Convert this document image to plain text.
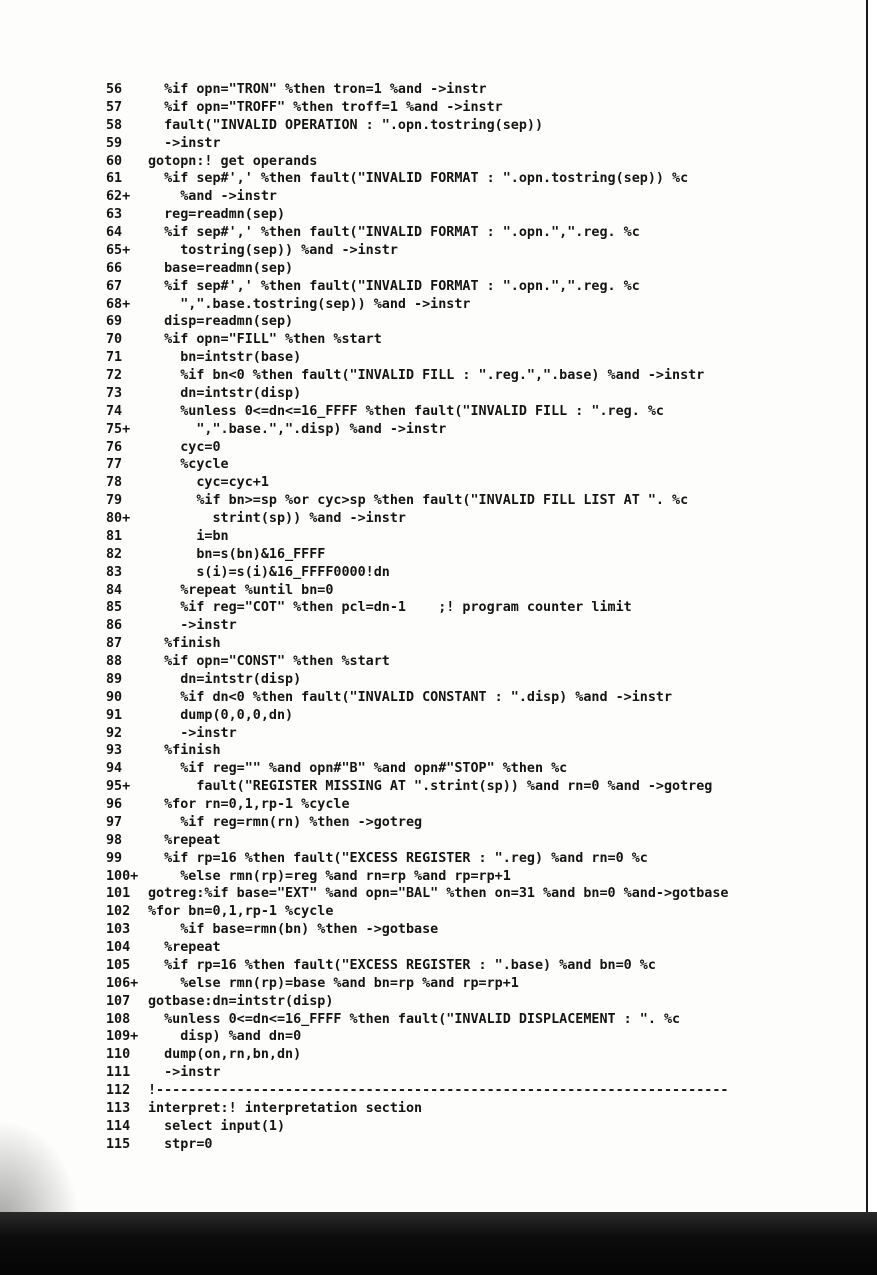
56	%if opn="TRON" %then tron=1 %and ->instr
57	%if opn="TROFF" %then troff=1 %and ->instr
58	fault("INVALID OPERATION : ".opn.tostring(sep))
59	->instr
60	gotopn:! get operands
61	%if sep#',' %then fault("INVALID FORMAT : ".opn.tostring(sep)) %c
62+	%and ->instr
63	reg=readmn(sep)
64	%if sep#',' %then fault("INVALID FORMAT : ".opn.",".reg. %c
65+	tostring(sep)) %and ->instr
66	base=readmn(sep)
67	%if sep#',' %then fault("INVALID FORMAT : ".opn.",".reg. %c
68+	",".base.tostring(sep)) %and ->instr
69	disp=readmn(sep)
70	%if opn="FILL" %then %start
71	bn=intstr(base)
72	%if bn<0 %then fault("INVALID FILL : ".reg.",".base) %and ->instr
73	dn=intstr(disp)
74	%unless 0<=dn<=16_FFFF %then fault("INVALID FILL : ".reg. %c
75+	",".base.",".disp) %and ->instr
76	cyc=0
77	%cycle
78	cyc=cyc+1
79	%if bn>=sp %or cyc>sp %then fault("INVALID FILL LIST AT ". %c
80+	strint(sp)) %and ->instr
81	i=bn
82	bn=s(bn)&16_FFFF
83	s(i)=s(i)&16_FFFF0000!dn
84	%repeat %until bn=0
85	%if reg="COT" %then pcl=dn-1    ;! program counter limit
86	->instr
87	%finish
88	%if opn="CONST" %then %start
89	dn=intstr(disp)
90	%if dn<0 %then fault("INVALID CONSTANT : ".disp) %and ->instr
91	dump(0,0,0,dn)
92	->instr
93	%finish
94	%if reg="" %and opn#"B" %and opn#"STOP" %then %c
95+	fault("REGISTER MISSING AT ".strint(sp)) %and rn=0 %and ->gotreg
96	%for rn=0,1,rp-1 %cycle
97	%if reg=rmn(rn) %then ->gotreg
98	%repeat
99	%if rp=16 %then fault("EXCESS REGISTER : ".reg) %and rn=0 %c
100+ %else rmn(rp)=reg %and rn=rp %and rp=rp+1
101	gotreg:%if base="EXT" %and opn="BAL" %then on=31 %and bn=0 %and->gotbase
102	%for bn=0,1,rp-1 %cycle
103	%if base=rmn(bn) %then ->gotbase
104	%repeat
105	%if rp=16 %then fault("EXCESS REGISTER : ".base) %and bn=0 %c
106+ %else rmn(rp)=base %and bn=rp %and rp=rp+1
107	gotbase:dn=intstr(disp)
108	%unless 0<=dn<=16_FFFF %then fault("INVALID DISPLACEMENT : ". %c
109+ disp) %and dn=0
110	dump(on,rn,bn,dn)
111	->instr
112	!-----------------------------------------------------------------------
113	interpret:! interpretation section
114	select input(1)
115	stpr=0
